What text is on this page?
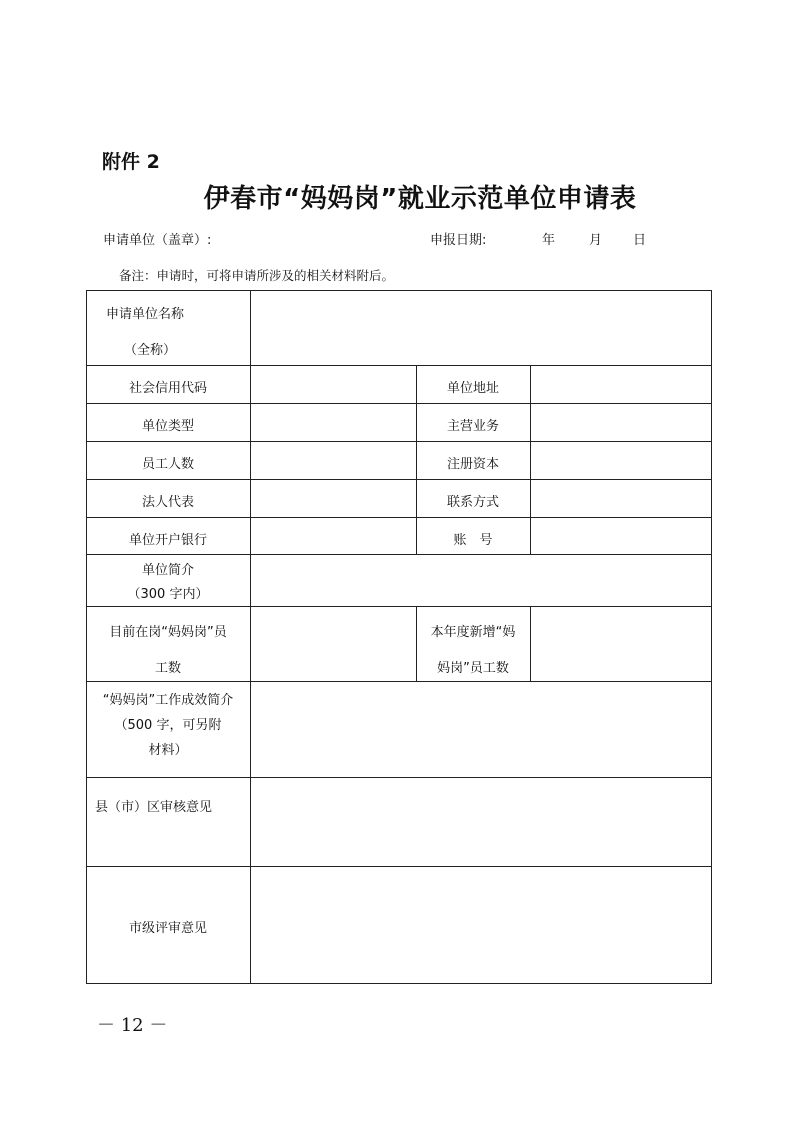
附件 2
伊春市“妈妈岗”就业示范单位申请表
申请单位（盖章）:	申报日期:	年	月 日
备注：申请时，可将申请所涉及的相关材料附后。
申请单位名称
（全称）
社会信用代码	单位地址
单位类型	主营业务
员工人数	注册资本
法人代表	联系方式
单位开户银行	账　号
单位简介
（300 字内）
目前在岗“妈妈岗”员
工数
本年度新增“妈
妈岗”员工数
“妈妈岗”工作成效简介
（500 字，可另附
材料）
县（市）区审核意见
市级评审意见
－ 12 －
